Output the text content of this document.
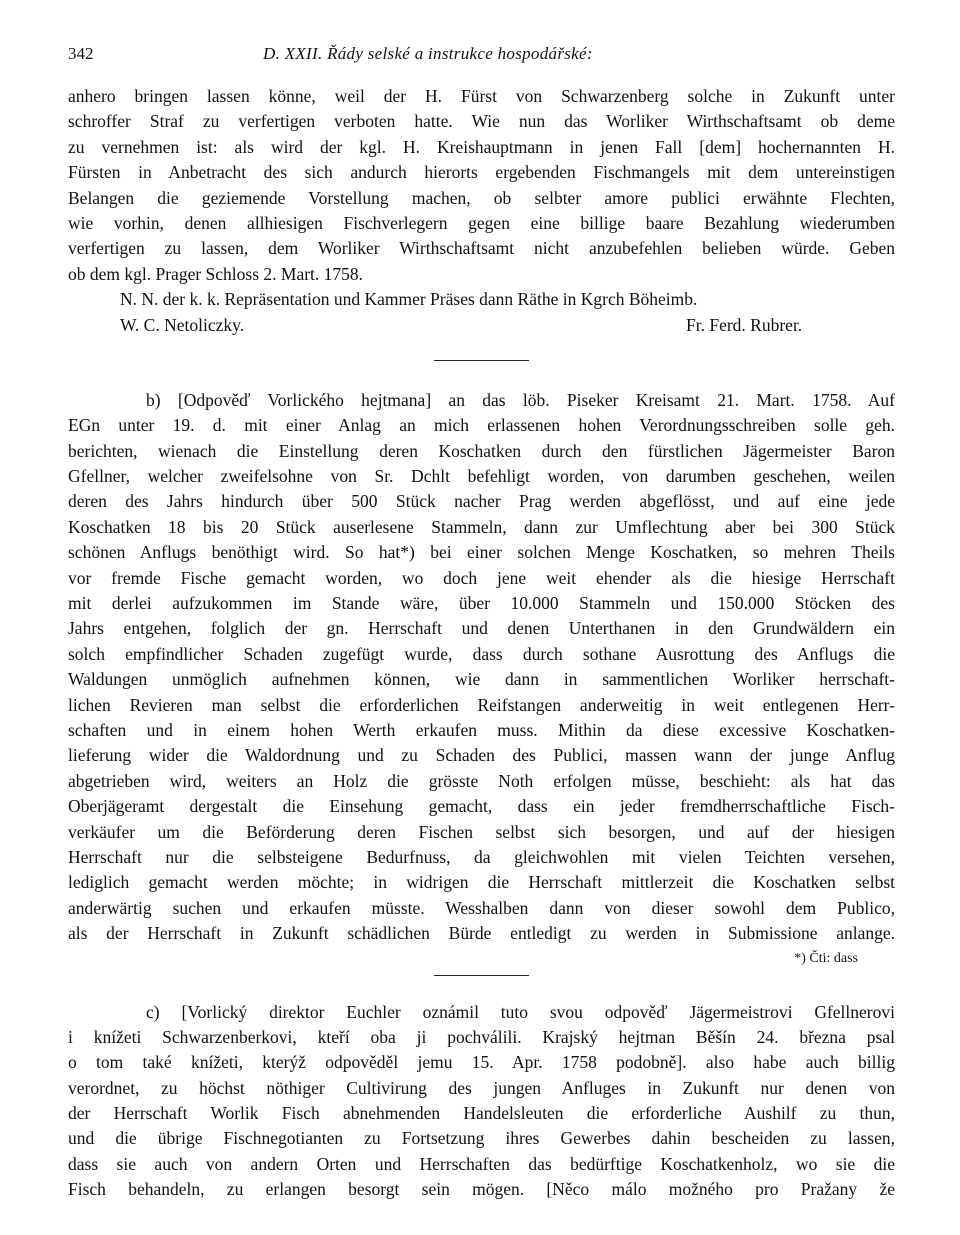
342	D. XXII. Řády selské a instrukce hospodářské:
anhero bringen lassen könne, weil der H. Fürst von Schwarzenberg solche in Zukunft unter
schroffer Straf zu verfertigen verboten hatte. Wie nun das Worliker Wirthschaftsamt ob deme
zu vernehmen ist: als wird der kgl. H. Kreishauptmann in jenen Fall [dem] hochernannten H.
Fürsten in Anbetracht des sich andurch hierorts ergebenden Fischmangels mit dem untereinstigen
Belangen die geziemende Vorstellung machen, ob selbter amore publici erwähnte Flechten,
wie vorhin, denen allhiesigen Fischverlegern gegen eine billige baare Bezahlung wiederumben
verfertigen zu lassen, dem Worliker Wirthschaftsamt nicht anzubefehlen belieben würde. Geben
ob dem kgl. Prager Schloss 2. Mart. 1758.
N. N. der k. k. Repräsentation und Kammer Präses dann Räthe in Kgrch Böheimb.
W. C. Netoliczky.	Fr. Ferd. Rubrer.
b) [Odpověď Vorlického hejtmana] an das löb. Piseker Kreisamt 21. Mart. 1758. Auf
EGn unter 19. d. mit einer Anlag an mich erlassenen hohen Verordnungsschreiben solle geh.
berichten, wienach die Einstellung deren Koschatken durch den fürstlichen Jägermeister Baron
Gfellner, welcher zweifelsohne von Sr. Dchlt befehligt worden, von darumben geschehen, weilen
deren des Jahrs hindurch über 500 Stück nacher Prag werden abgeflösst, und auf eine jede
Koschatken 18 bis 20 Stück auserlesene Stammeln, dann zur Umflechtung aber bei 300 Stück
schönen Anflugs benöthigt wird. So hat*) bei einer solchen Menge Koschatken, so mehren Theils
vor fremde Fische gemacht worden, wo doch jene weit ehender als die hiesige Herrschaft
mit derlei aufzukommen im Stande wäre, über 10.000 Stammeln und 150.000 Stöcken des
Jahrs entgehen, folglich der gn. Herrschaft und denen Unterthanen in den Grundwäldern ein
solch empfindlicher Schaden zugefügt wurde, dass durch sothane Ausrottung des Anflugs die
Waldungen unmöglich aufnehmen können, wie dann in sammentlichen Worliker herrschaft-
lichen Revieren man selbst die erforderlichen Reifstangen anderweitig in weit entlegenen Herr-
schaften und in einem hohen Werth erkaufen muss. Mithin da diese excessive Koschatken-
lieferung wider die Waldordnung und zu Schaden des Publici, massen wann der junge Anflug
abgetrieben wird, weiters an Holz die grösste Noth erfolgen müsse, beschieht: als hat das
Oberjägeramt dergestalt die Einsehung gemacht, dass ein jeder fremdherrschaftliche Fisch-
verkäufer um die Beförderung deren Fischen selbst sich besorgen, und auf der hiesigen
Herrschaft nur die selbsteigene Bedurfnuss, da gleichwohlen mit vielen Teichten versehen,
lediglich gemacht werden möchte; in widrigen die Herrschaft mittlerzeit die Koschatken selbst
anderwärtig suchen und erkaufen müsste. Wesshalben dann von dieser sowohl dem Publico,
als der Herrschaft in Zukunft schädlichen Bürde entledigt zu werden in Submissione anlange.
*) Čti: dass
c) [Vorlický direktor Euchler oznámil tuto svou odpověď Jägermeistrovi Gfellnerovi
i knížeti Schwarzenberkovi, kteří oba ji pochválili. Krajský hejtman Běšín 24. března psal
o tom také knížeti, kterýž odpověděl jemu 15. Apr. 1758 podobně]. also habe auch billig
verordnet, zu höchst nöthiger Cultivirung des jungen Anfluges in Zukunft nur denen von
der Herrschaft Worlik Fisch abnehmenden Handelsleuten die erforderliche Aushilf zu thun,
und die übrige Fischnegotianten zu Fortsetzung ihres Gewerbes dahin bescheiden zu lassen,
dass sie auch von andern Orten und Herrschaften das bedürftige Koschatkenholz, wo sie die
Fisch behandeln, zu erlangen besorgt sein mögen. [Něco málo možného pro Pražany že
